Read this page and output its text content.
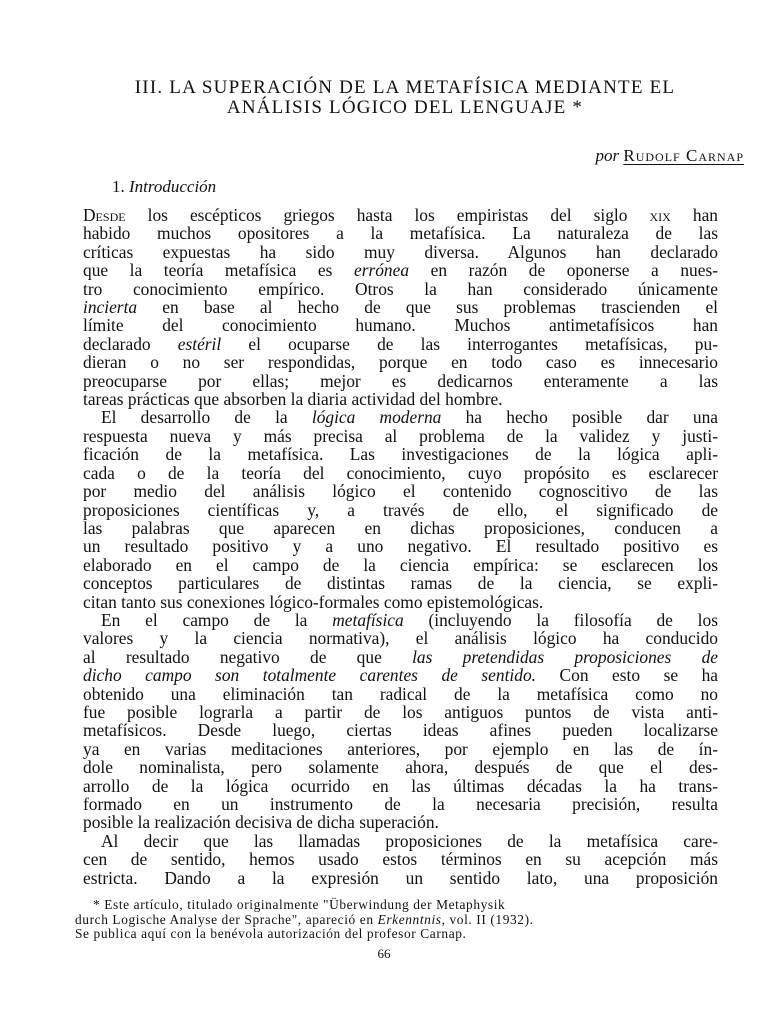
III. LA SUPERACIÓN DE LA METAFÍSICA MEDIANTE EL
ANÁLISIS LÓGICO DEL LENGUAJE *
por Rudolf Carnap
1. Introducción
Desde los escépticos griegos hasta los empiristas del siglo xix han
habido muchos opositores a la metafísica. La naturaleza de las
críticas expuestas ha sido muy diversa. Algunos han declarado
que la teoría metafísica es errónea en razón de oponerse a nues-
tro conocimiento empírico. Otros la han considerado únicamente
incierta en base al hecho de que sus problemas trascienden el
límite del conocimiento humano. Muchos antimetafísicos han
declarado estéril el ocuparse de las interrogantes metafísicas, pu-
dieran o no ser respondidas, porque en todo caso es innecesario
preocuparse por ellas; mejor es dedicarnos enteramente a las
tareas prácticas que absorben la diaria actividad del hombre.
El desarrollo de la lógica moderna ha hecho posible dar una
respuesta nueva y más precisa al problema de la validez y justi-
ficación de la metafísica. Las investigaciones de la lógica apli-
cada o de la teoría del conocimiento, cuyo propósito es esclarecer
por medio del análisis lógico el contenido cognoscitivo de las
proposiciones científicas y, a través de ello, el significado de
las palabras que aparecen en dichas proposiciones, conducen a
un resultado positivo y a uno negativo. El resultado positivo es
elaborado en el campo de la ciencia empírica: se esclarecen los
conceptos particulares de distintas ramas de la ciencia, se expli-
citan tanto sus conexiones lógico-formales como epistemológicas.
En el campo de la metafísica (incluyendo la filosofía de los
valores y la ciencia normativa), el análisis lógico ha conducido
al resultado negativo de que las pretendidas proposiciones de
dicho campo son totalmente carentes de sentido. Con esto se ha
obtenido una eliminación tan radical de la metafísica como no
fue posible lograrla a partir de los antiguos puntos de vista anti-
metafísicos. Desde luego, ciertas ideas afines pueden localizarse
ya en varias meditaciones anteriores, por ejemplo en las de ín-
dole nominalista, pero solamente ahora, después de que el des-
arrollo de la lógica ocurrido en las últimas décadas la ha trans-
formado en un instrumento de la necesaria precisión, resulta
posible la realización decisiva de dicha superación.
Al decir que las llamadas proposiciones de la metafísica care-
cen de sentido, hemos usado estos términos en su acepción más
estricta. Dando a la expresión un sentido lato, una proposición
* Este artículo, titulado originalmente "Überwindung der Metaphysik
durch Logische Analyse der Sprache", apareció en Erkenntnis, vol. II (1932).
Se publica aquí con la benévola autorización del profesor Carnap.
66
